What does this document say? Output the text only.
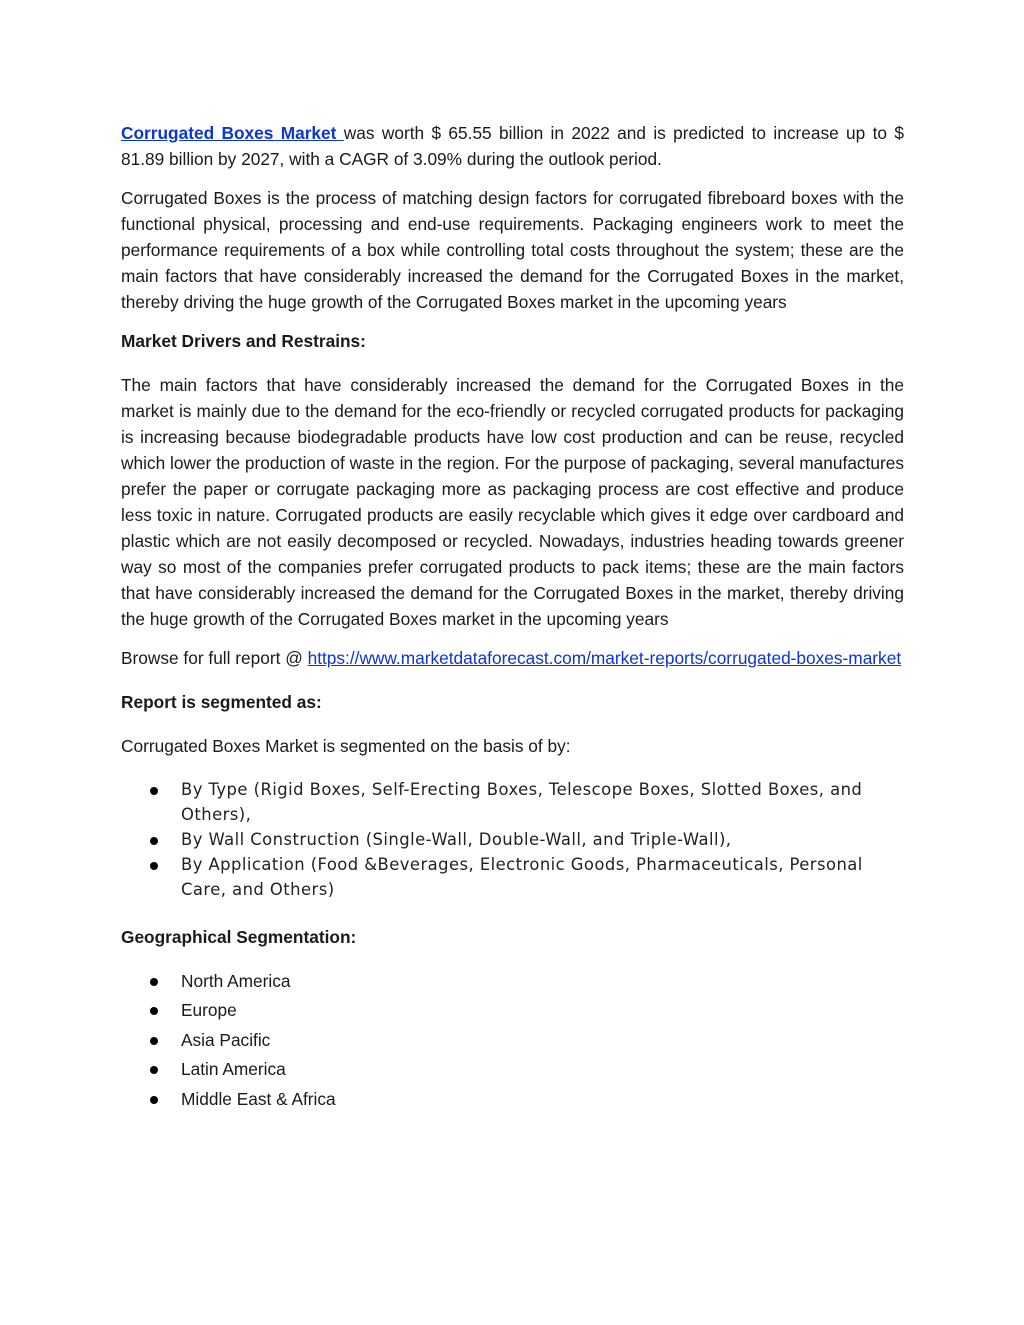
Corrugated Boxes Market was worth $ 65.55 billion in 2022 and is predicted to increase up to $ 81.89 billion by 2027, with a CAGR of 3.09% during the outlook period.

Corrugated Boxes is the process of matching design factors for corrugated fibreboard boxes with the functional physical, processing and end-use requirements. Packaging engineers work to meet the performance requirements of a box while controlling total costs throughout the system; these are the main factors that have considerably increased the demand for the Corrugated Boxes in the market, thereby driving the huge growth of the Corrugated Boxes market in the upcoming years

Market Drivers and Restrains:

The main factors that have considerably increased the demand for the Corrugated Boxes in the market is mainly due to the demand for the eco-friendly or recycled corrugated products for packaging is increasing because biodegradable products have low cost production and can be reuse, recycled which lower the production of waste in the region. For the purpose of packaging, several manufactures prefer the paper or corrugate packaging more as packaging process are cost effective and produce less toxic in nature. Corrugated products are easily recyclable which gives it edge over cardboard and plastic which are not easily decomposed or recycled. Nowadays, industries heading towards greener way so most of the companies prefer corrugated products to pack items; these are the main factors that have considerably increased the demand for the Corrugated Boxes in the market, thereby driving the huge growth of the Corrugated Boxes market in the upcoming years

Browse for full report @ https://www.marketdataforecast.com/market-reports/corrugated-boxes-market

Report is segmented as:

Corrugated Boxes Market is segmented on the basis of by:

By Type (Rigid Boxes, Self-Erecting Boxes, Telescope Boxes, Slotted Boxes, and Others),
By Wall Construction (Single-Wall, Double-Wall, and Triple-Wall),
By Application (Food &Beverages, Electronic Goods, Pharmaceuticals, Personal Care, and Others)

Geographical Segmentation:

North America
Europe
Asia Pacific
Latin America
Middle East & Africa
